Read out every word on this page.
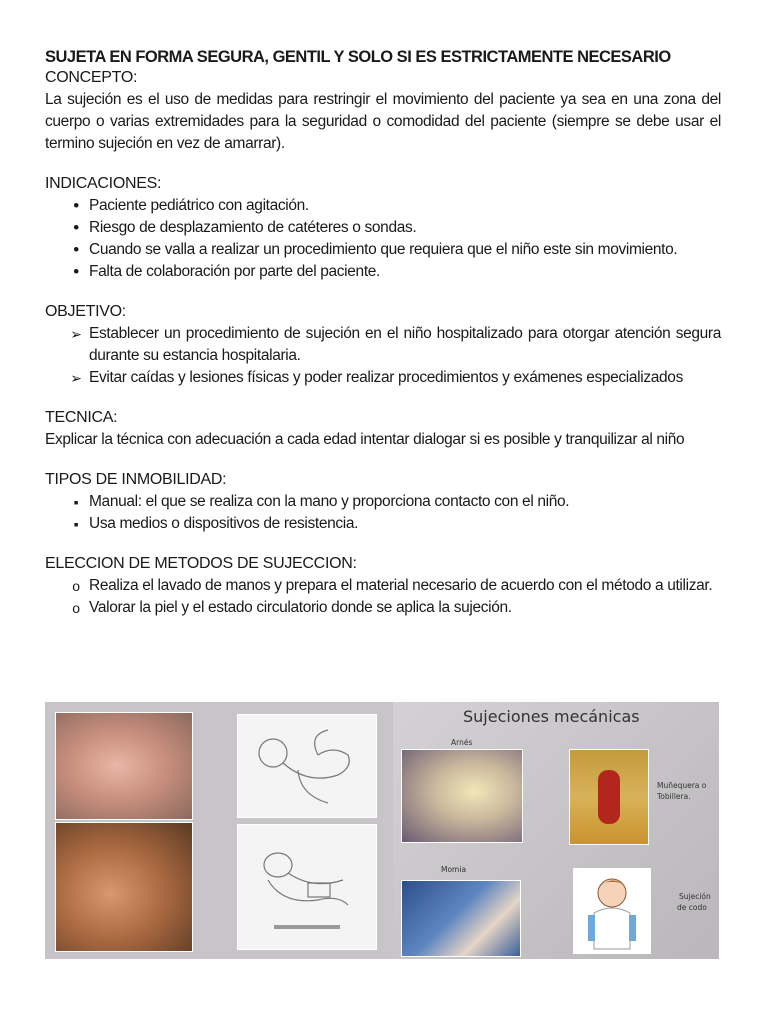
SUJETA EN FORMA SEGURA, GENTIL Y SOLO SI ES ESTRICTAMENTE NECESARIO

CONCEPTO:

La sujeción es el uso de medidas para restringir el movimiento del paciente ya sea en una zona del cuerpo o varias extremidades para la seguridad o comodidad del paciente (siempre se debe usar el termino sujeción en vez de amarrar).

INDICACIONES:

•
Paciente pediátrico con agitación.
•
Riesgo de desplazamiento de catéteres o sondas.
•
Cuando se valla a realizar un procedimiento que requiera que el niño este sin movimiento.
•
Falta de colaboración por parte del paciente.

OBJETIVO:

➢
Establecer un procedimiento de sujeción en el niño hospitalizado para otorgar atención segura durante su estancia hospitalaria.
➢
Evitar caídas y lesiones físicas y poder realizar procedimientos y exámenes especializados

TECNICA:

Explicar la técnica con adecuación a cada edad intentar dialogar si es posible y tranquilizar al niño

TIPOS DE INMOBILIDAD:

▪
Manual: el que se realiza con la mano y proporciona contacto con el niño.
▪
Usa medios o dispositivos de resistencia.

ELECCION DE METODOS DE SUJECCION:

o
Realiza el lavado de manos y prepara el material necesario de acuerdo con el método a utilizar.
o
Valorar la piel y el estado circulatorio donde se aplica la sujeción.
Sujeciones mecánicas
Arnés
Muñequera o
Tobillera.
Momia
Sujeción
de codo
